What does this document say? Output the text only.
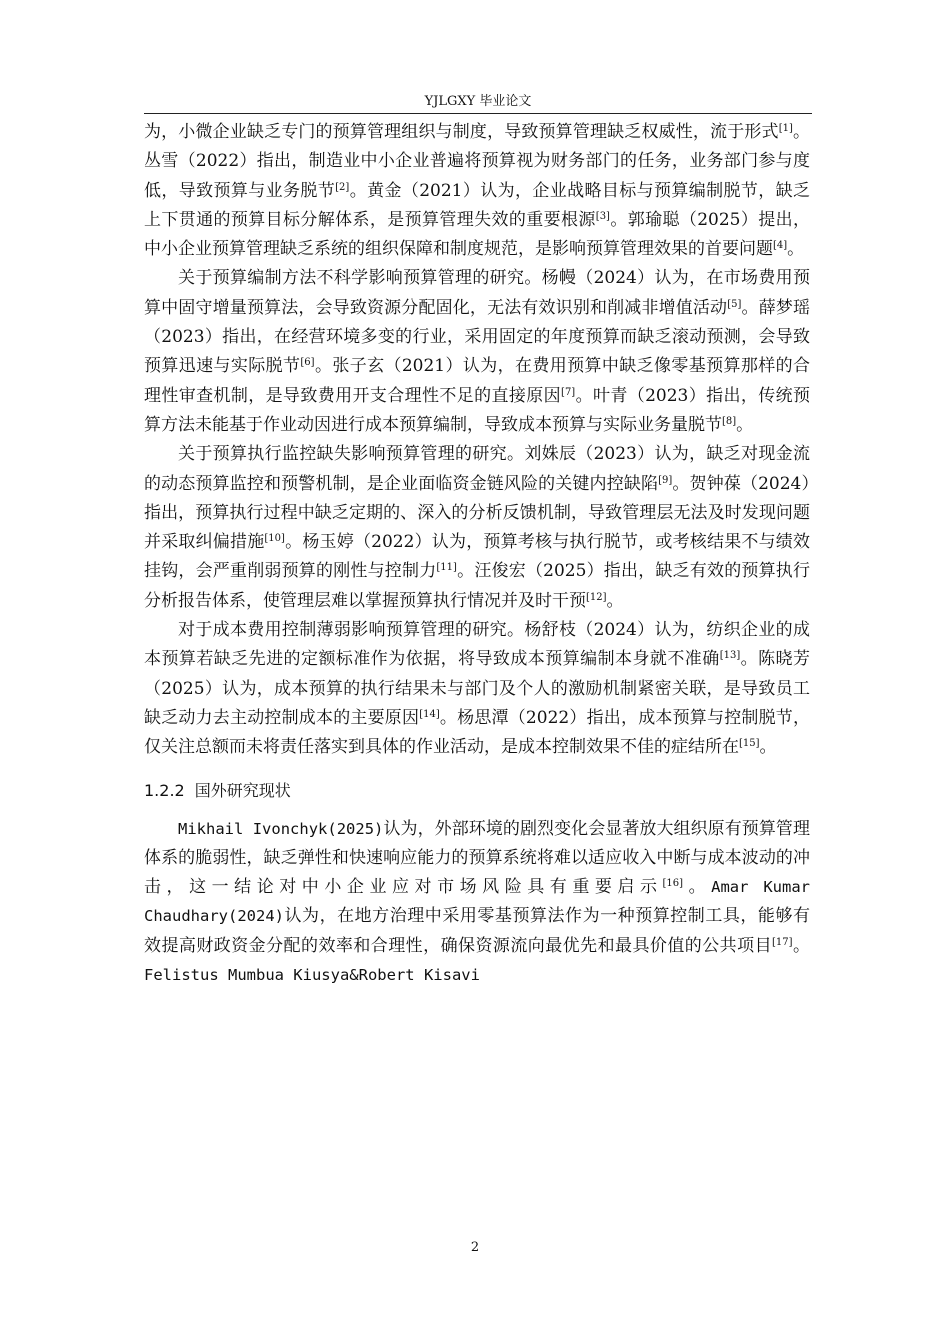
YJLGXY 毕业论文

为，小微企业缺乏专门的预算管理组织与制度，导致预算管理缺乏权威性，流于形式[1]。丛雪（2022）指出，制造业中小企业普遍将预算视为财务部门的任务，业务部门参与度低，导致预算与业务脱节[2]。黄金（2021）认为，企业战略目标与预算编制脱节，缺乏上下贯通的预算目标分解体系，是预算管理失效的重要根源[3]。郭瑜聪（2025）提出，中小企业预算管理缺乏系统的组织保障和制度规范，是影响预算管理效果的首要问题[4]。

关于预算编制方法不科学影响预算管理的研究。杨幔（2024）认为，在市场费用预算中固守增量预算法，会导致资源分配固化，无法有效识别和削减非增值活动[5]。薛梦瑶（2023）指出，在经营环境多变的行业，采用固定的年度预算而缺乏滚动预测，会导致预算迅速与实际脱节[6]。张子玄（2021）认为，在费用预算中缺乏像零基预算那样的合理性审查机制，是导致费用开支合理性不足的直接原因[7]。叶青（2023）指出，传统预算方法未能基于作业动因进行成本预算编制，导致成本预算与实际业务量脱节[8]。

关于预算执行监控缺失影响预算管理的研究。刘姝辰（2023）认为，缺乏对现金流的动态预算监控和预警机制，是企业面临资金链风险的关键内控缺陷[9]。贺钟葆（2024）指出，预算执行过程中缺乏定期的、深入的分析反馈机制，导致管理层无法及时发现问题并采取纠偏措施[10]。杨玉婷（2022）认为，预算考核与执行脱节，或考核结果不与绩效挂钩，会严重削弱预算的刚性与控制力[11]。汪俊宏（2025）指出，缺乏有效的预算执行分析报告体系，使管理层难以掌握预算执行情况并及时干预[12]。

对于成本费用控制薄弱影响预算管理的研究。杨舒枝（2024）认为，纺织企业的成本预算若缺乏先进的定额标准作为依据，将导致成本预算编制本身就不准确[13]。陈晓芳（2025）认为，成本预算的执行结果未与部门及个人的激励机制紧密关联，是导致员工缺乏动力去主动控制成本的主要原因[14]。杨思潭（2022）指出，成本预算与控制脱节，仅关注总额而未将责任落实到具体的作业活动，是成本控制效果不佳的症结所在[15]。

1.2.2 国外研究现状

Mikhail Ivonchyk(2025)认为，外部环境的剧烈变化会显著放大组织原有预算管理体系的脆弱性，缺乏弹性和快速响应能力的预算系统将难以适应收入中断与成本波动的冲击，这一结论对中小企业应对市场风险具有重要启示[16]。Amar Kumar Chaudhary(2024)认为，在地方治理中采用零基预算法作为一种预算控制工具，能够有效提高财政资金分配的效率和合理性，确保资源流向最优先和最具价值的公共项目[17]。Felistus Mumbua Kiusya&Robert Kisavi

2
